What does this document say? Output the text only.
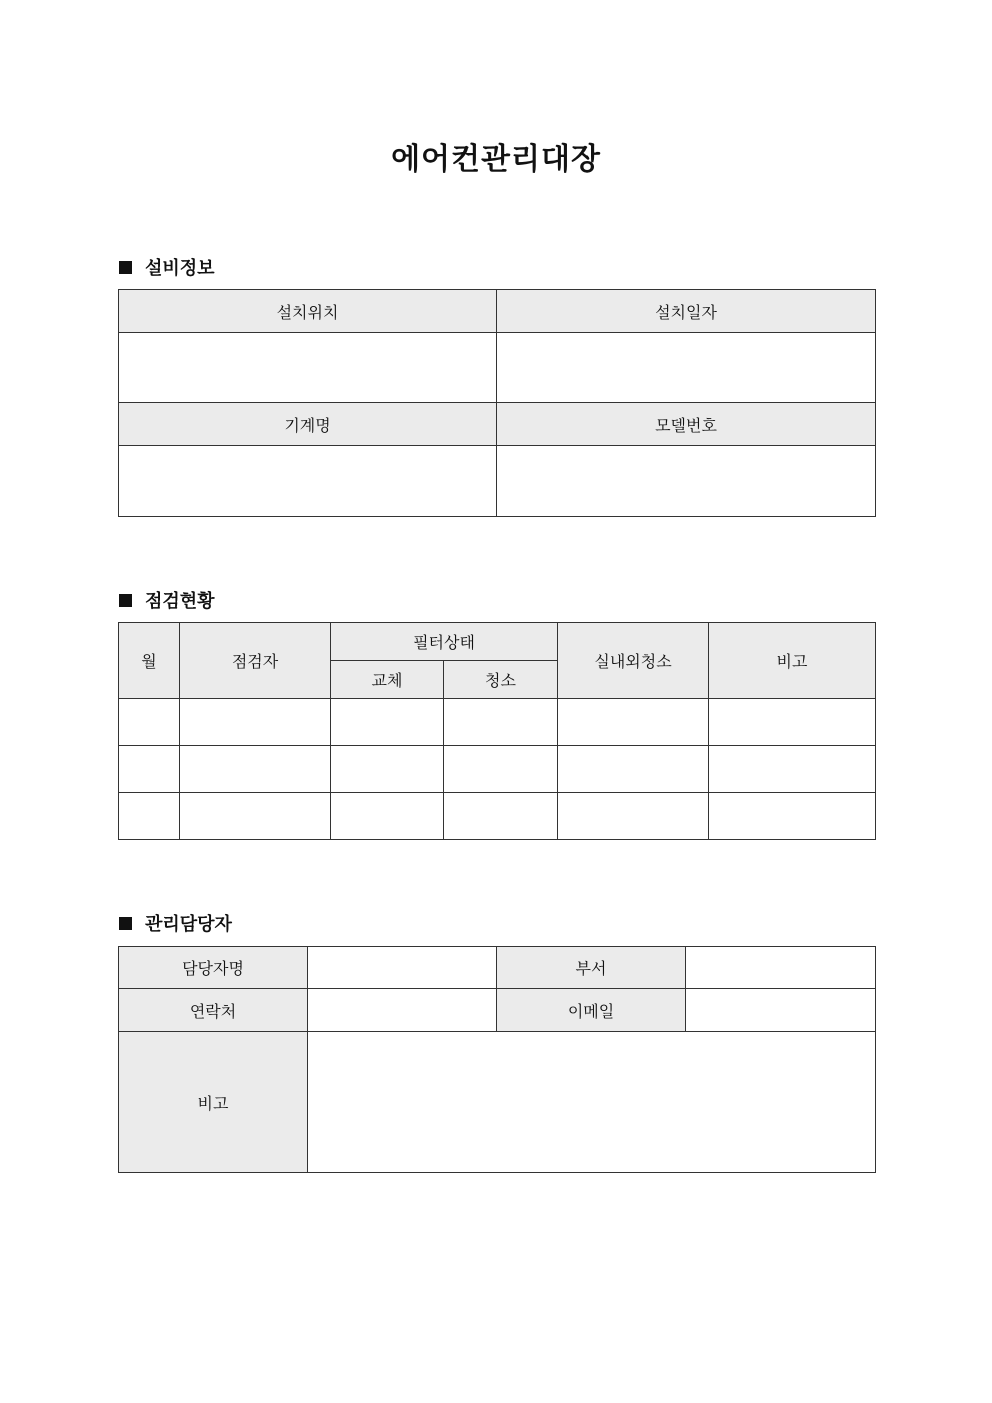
에어컨관리대장
설비정보
설치위치	설치일자

기계명	모델번호

점검현황
월	점검자	필터상태		실내외청소	비고
		교체	청소		

관리담당자
담당자명		부서	
연락처		이메일	
비고			
